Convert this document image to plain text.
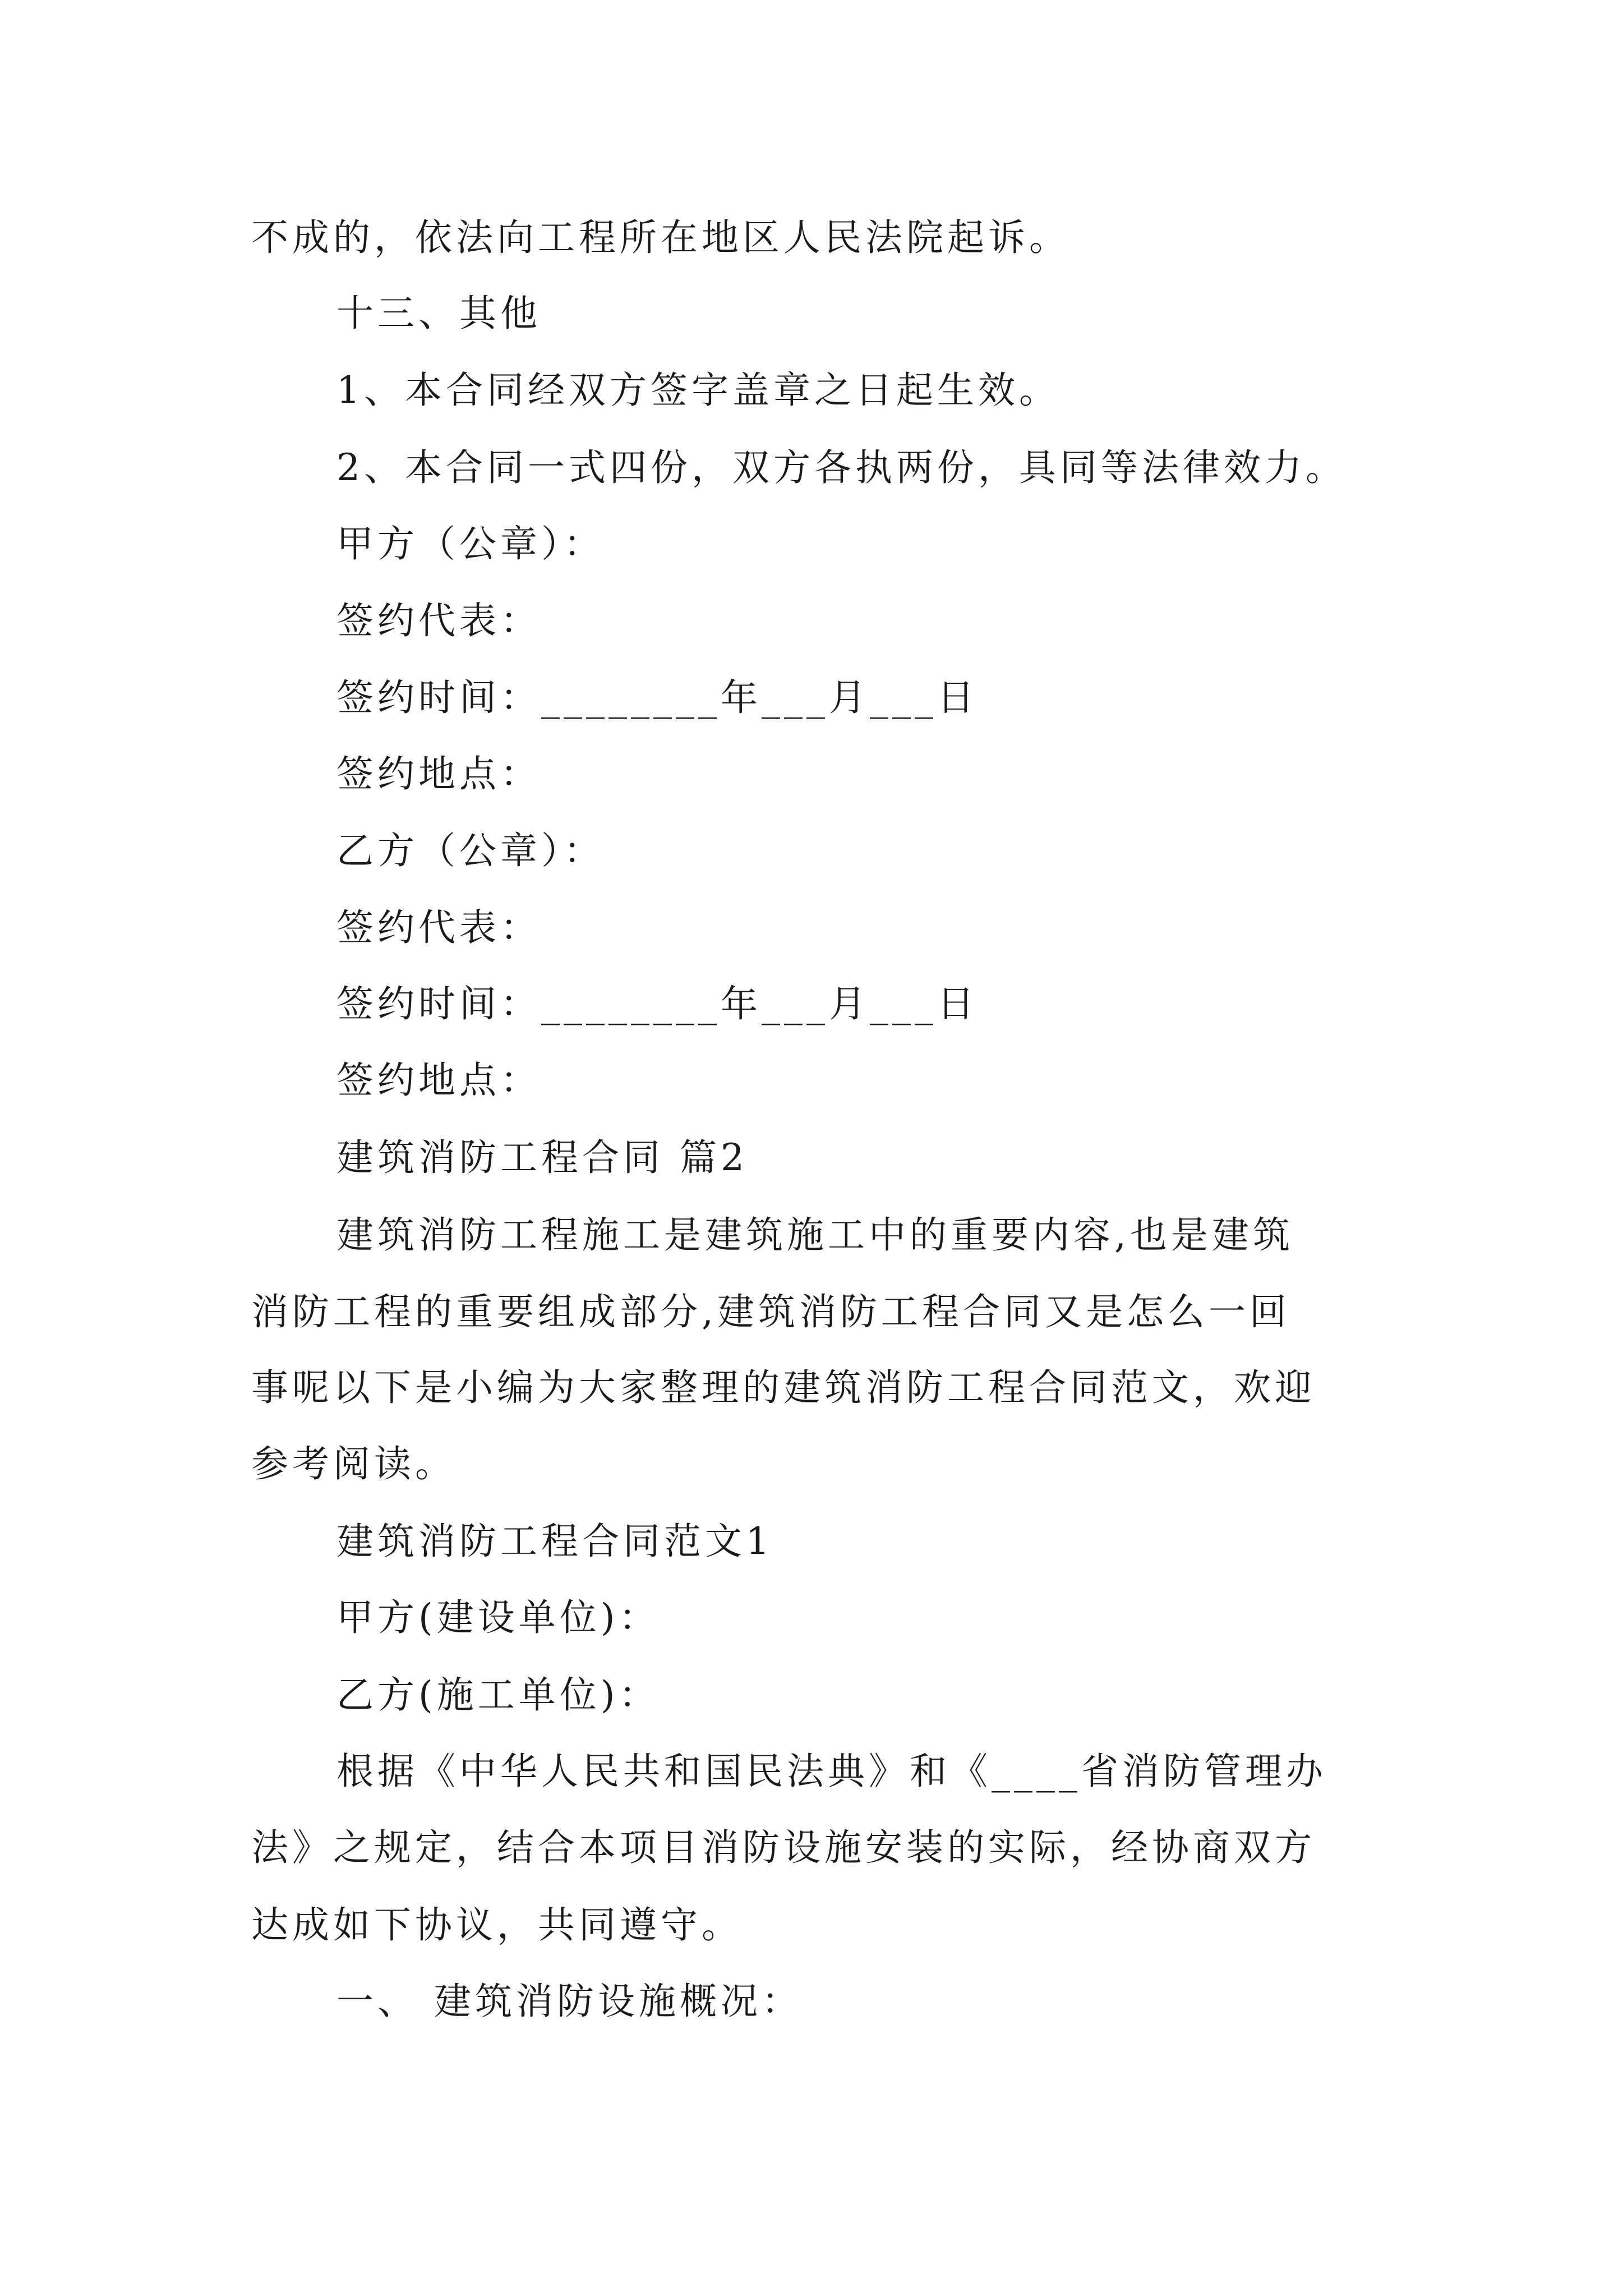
不成的，依法向工程所在地区人民法院起诉。
十三、其他
1、本合同经双方签字盖章之日起生效。
2、本合同一式四份，双方各执两份，具同等法律效力。
甲方（公章）：
签约代表：
签约时间：________年___月___日
签约地点：
乙方（公章）：
签约代表：
签约时间：________年___月___日
签约地点：
建筑消防工程合同 篇2
建筑消防工程施工是建筑施工中的重要内容,也是建筑
消防工程的重要组成部分,建筑消防工程合同又是怎么一回
事呢以下是小编为大家整理的建筑消防工程合同范文，欢迎
参考阅读。
建筑消防工程合同范文1
甲方(建设单位)：
乙方(施工单位)：
根据《中华人民共和国民法典》和《____省消防管理办
法》之规定，结合本项目消防设施安装的实际，经协商双方
达成如下协议，共同遵守。
一、 建筑消防设施概况：
